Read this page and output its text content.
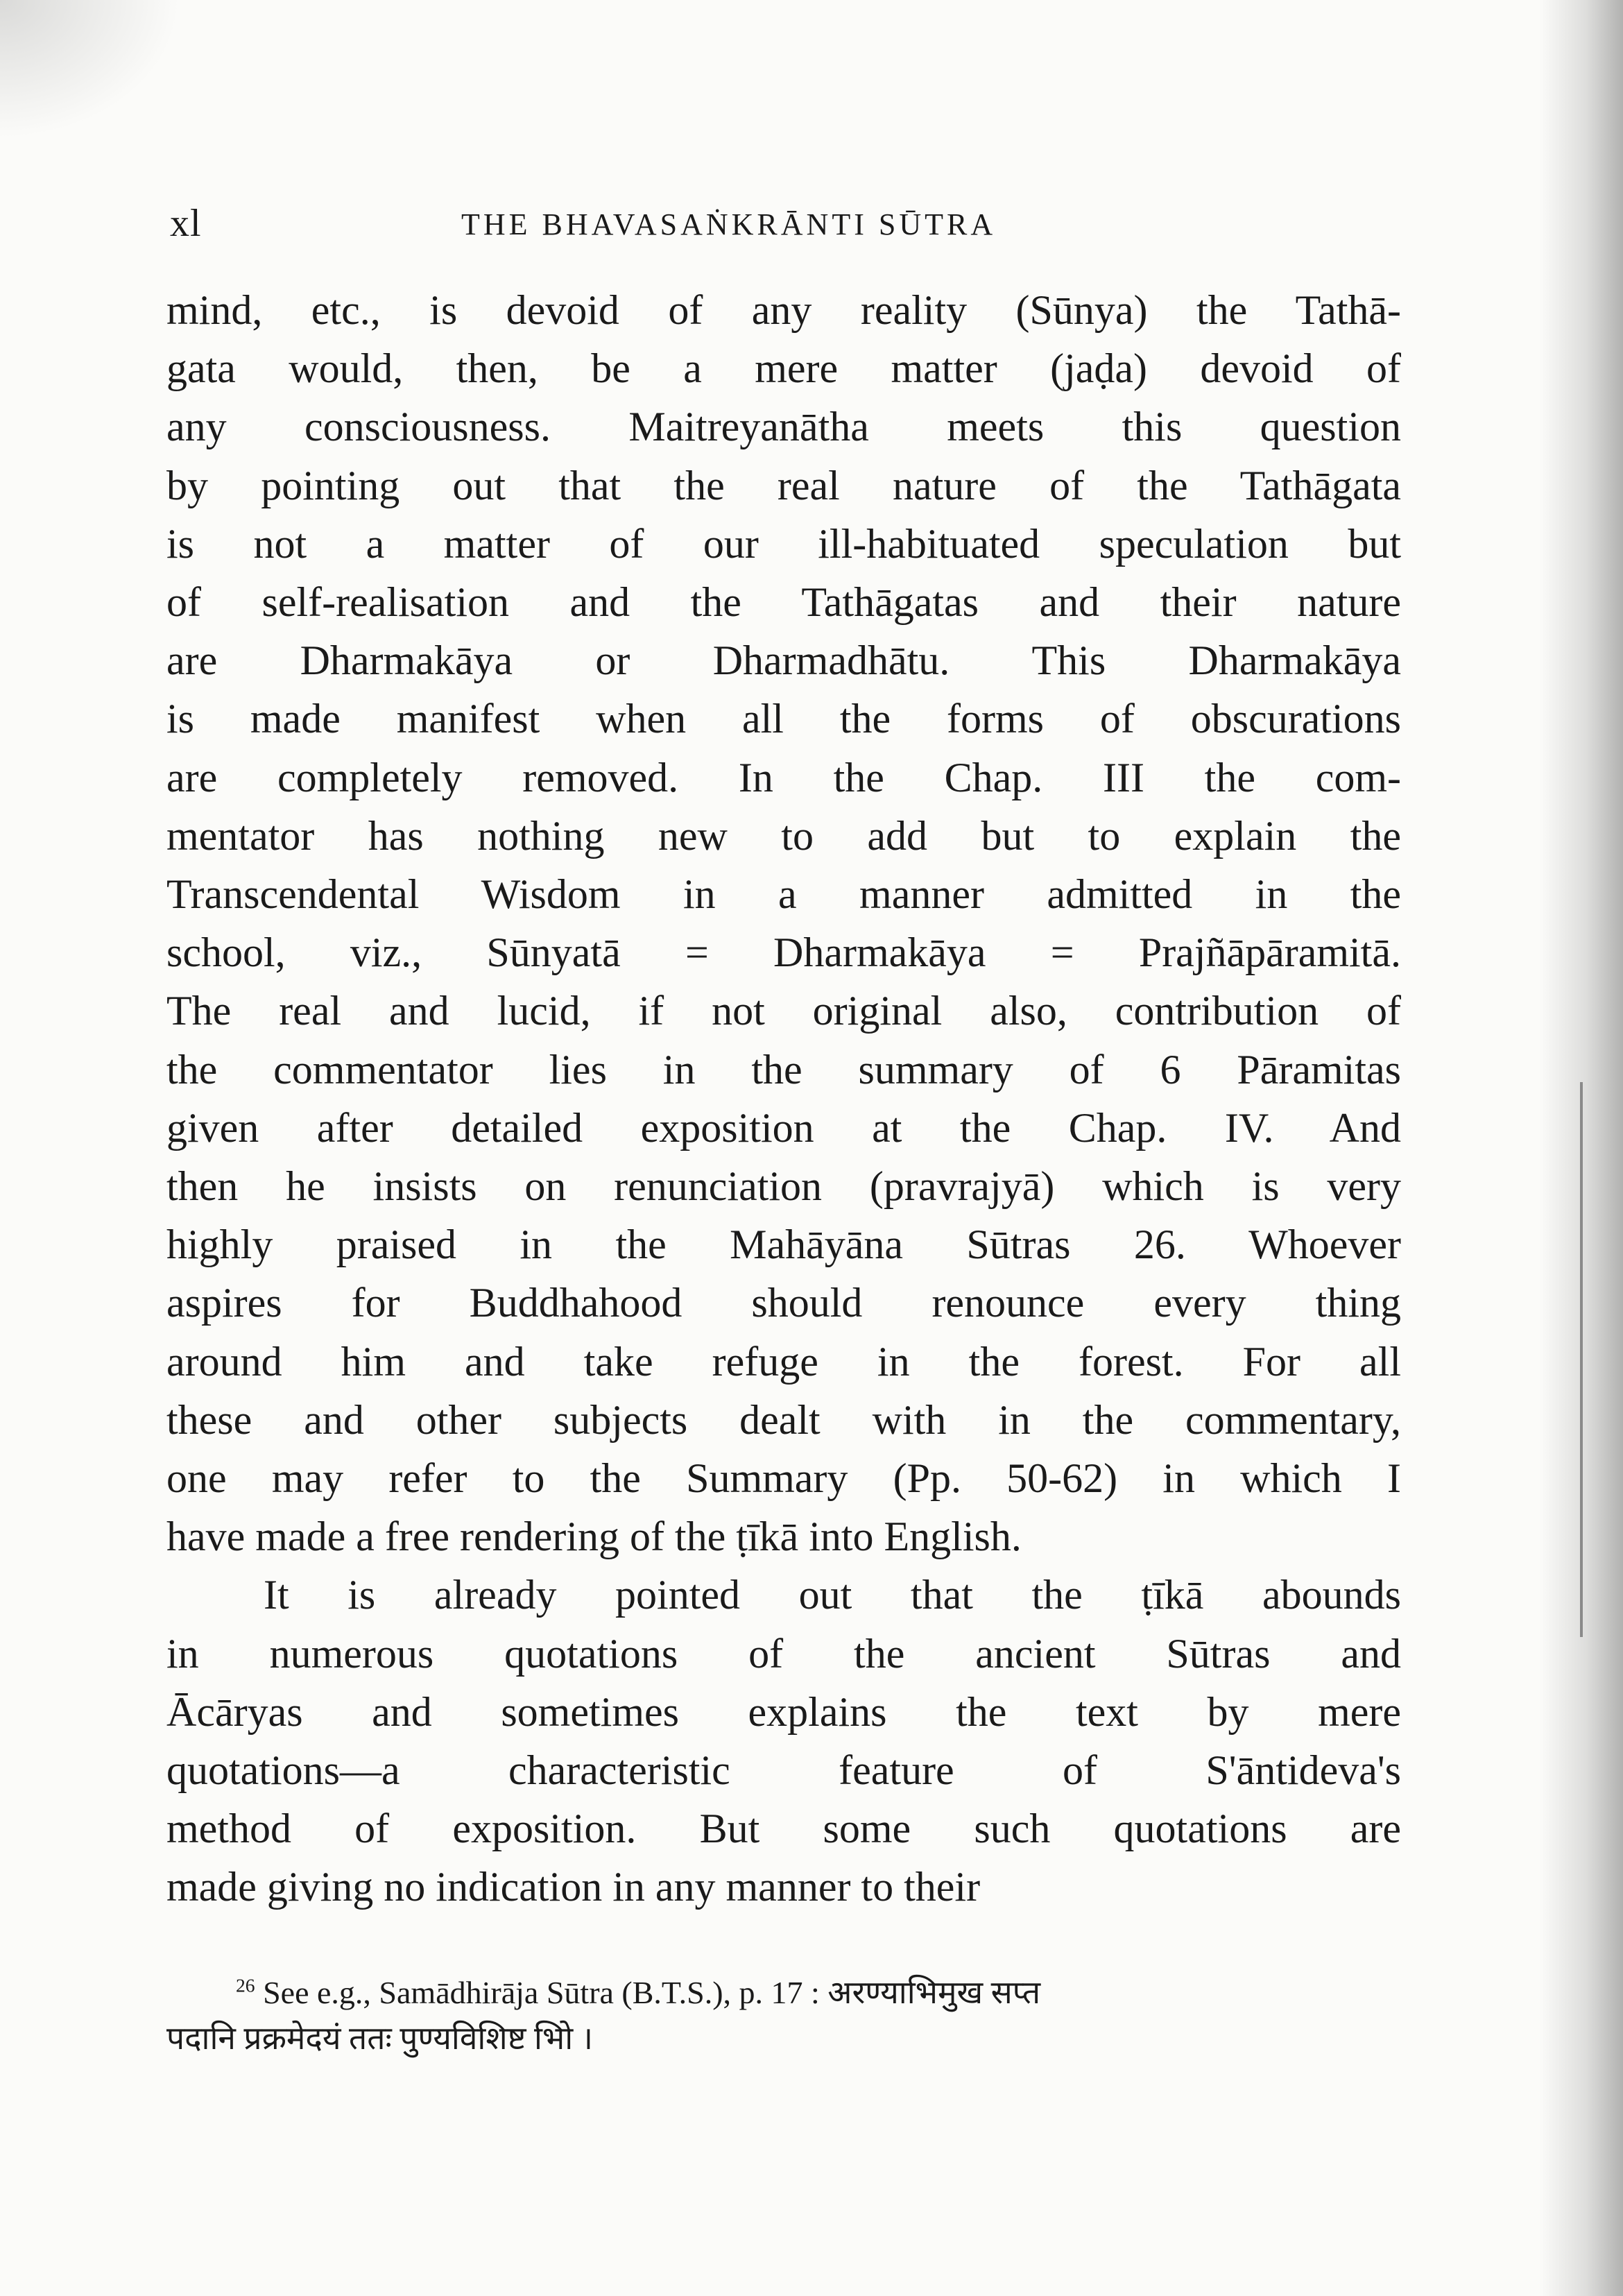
xl	THE BHAVASAṄKRĀNTI SŪTRA
mind, etc., is devoid of any reality (Sūnya) the Tathā-
gata would, then, be a mere matter (jaḍa) devoid of
any consciousness. Maitreyanātha meets this question
by pointing out that the real nature of the Tathāgata
is not a matter of our ill-habituated speculation but
of self-realisation and the Tathāgatas and their nature
are Dharmakāya or Dharmadhātu. This Dharmakāya
is made manifest when all the forms of obscurations
are completely removed. In the Chap. III the com-
mentator has nothing new to add but to explain the
Transcendental Wisdom in a manner admitted in the
school, viz., Sūnyatā = Dharmakāya = Prajñāpāramitā.
The real and lucid, if not original also, contribution of
the commentator lies in the summary of 6 Pāramitas
given after detailed exposition at the Chap. IV. And
then he insists on renunciation (pravrajyā) which is very
highly praised in the Mahāyāna Sūtras 26. Whoever
aspires for Buddhahood should renounce every thing
around him and take refuge in the forest. For all
these and other subjects dealt with in the commentary,
one may refer to the Summary (Pp. 50-62) in which I
have made a free rendering of the ṭīkā into English.
It is already pointed out that the ṭīkā abounds
in numerous quotations of the ancient Sūtras and
Ācāryas and sometimes explains the text by mere
quotations—a characteristic feature of S'āntideva's
method of exposition. But some such quotations are
made giving no indication in any manner to their
$^{26}$ See e.g., Samādhirāja Sūtra (B.T.S.), p. 17 : अरण्याभिमुख सप्त
पदानि प्रक्रमेदयं ततः पुण्यविशिष्ट भोि ।
